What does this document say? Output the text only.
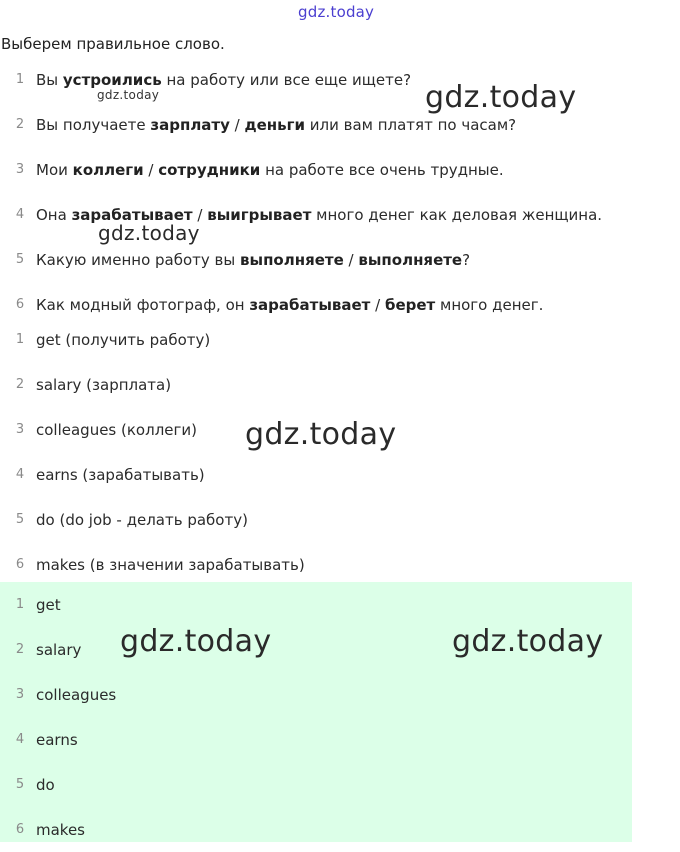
gdz.today
Выберем правильное слово.
1 Вы устроились на работу или все еще ищете?
2 Вы получаете зарплату / деньги или вам платят по часам?
3 Мои коллеги / сотрудники на работе все очень трудные.
4 Она зарабатывает / выигрывает много денег как деловая женщина.
5 Какую именно работу вы выполняете / выполняете?
6 Как модный фотограф, он зарабатывает / берет много денег.
1 get (получить работу)
2 salary (зарплата)
3 colleagues (коллеги)
4 earns (зарабатывать)
5 do (do job - делать работу)
6 makes (в значении зарабатывать)
1 get
2 salary
3 colleagues
4 earns
5 do
6 makes
gdz.today	gdz.today
gdz.today
gdz.today
gdz.today	gdz.today
